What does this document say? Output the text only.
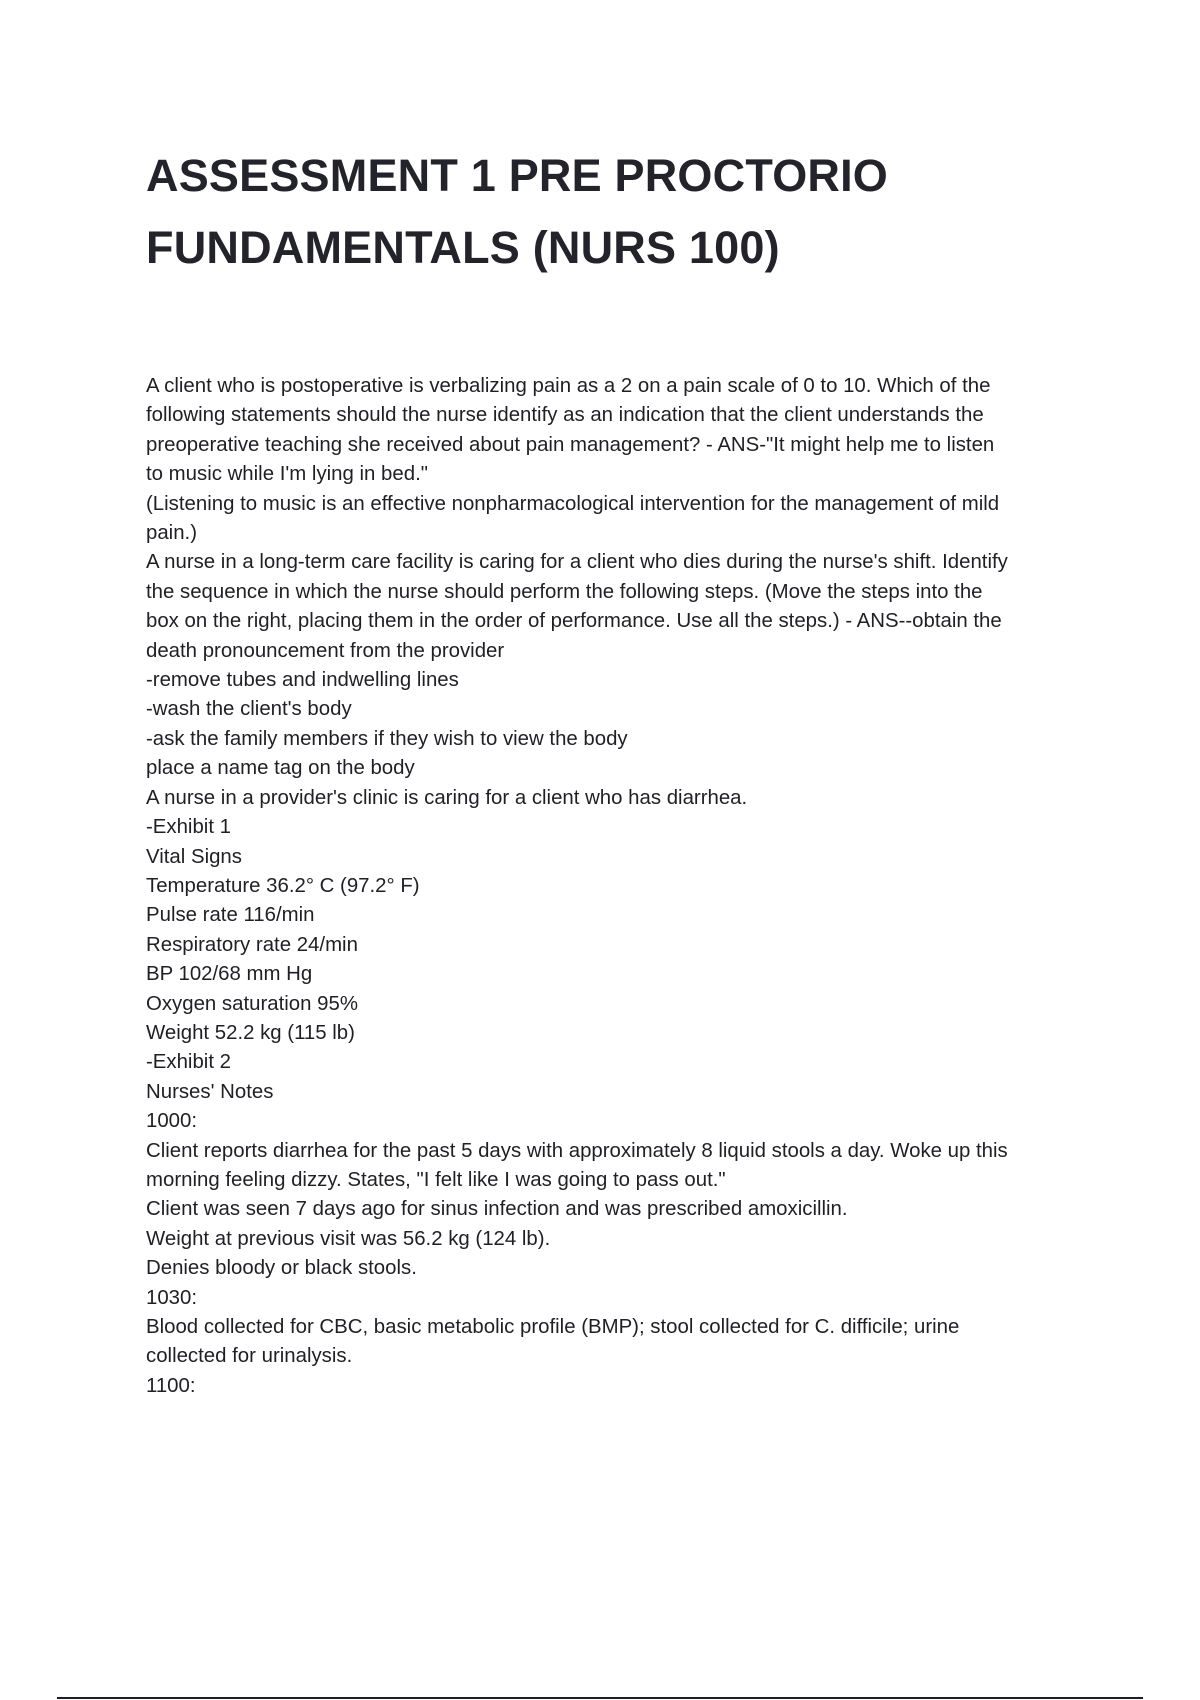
ASSESSMENT 1 PRE PROCTORIO
FUNDAMENTALS (NURS 100)
A client who is postoperative is verbalizing pain as a 2 on a pain scale of 0 to 10. Which of the
following statements should the nurse identify as an indication that the client understands the
preoperative teaching she received about pain management? - ANS-"It might help me to listen
to music while I'm lying in bed."
(Listening to music is an effective nonpharmacological intervention for the management of mild
pain.)
A nurse in a long-term care facility is caring for a client who dies during the nurse's shift. Identify
the sequence in which the nurse should perform the following steps. (Move the steps into the
box on the right, placing them in the order of performance. Use all the steps.) - ANS--obtain the
death pronouncement from the provider
-remove tubes and indwelling lines
-wash the client's body
-ask the family members if they wish to view the body
place a name tag on the body
A nurse in a provider's clinic is caring for a client who has diarrhea.
-Exhibit 1
Vital Signs
Temperature 36.2° C (97.2° F)
Pulse rate 116/min
Respiratory rate 24/min
BP 102/68 mm Hg
Oxygen saturation 95%
Weight 52.2 kg (115 lb)
-Exhibit 2
Nurses' Notes
1000:
Client reports diarrhea for the past 5 days with approximately 8 liquid stools a day. Woke up this
morning feeling dizzy. States, "I felt like I was going to pass out."
Client was seen 7 days ago for sinus infection and was prescribed amoxicillin.
Weight at previous visit was 56.2 kg (124 lb).
Denies bloody or black stools.
1030:
Blood collected for CBC, basic metabolic profile (BMP); stool collected for C. difficile; urine
collected for urinalysis.
1100:
